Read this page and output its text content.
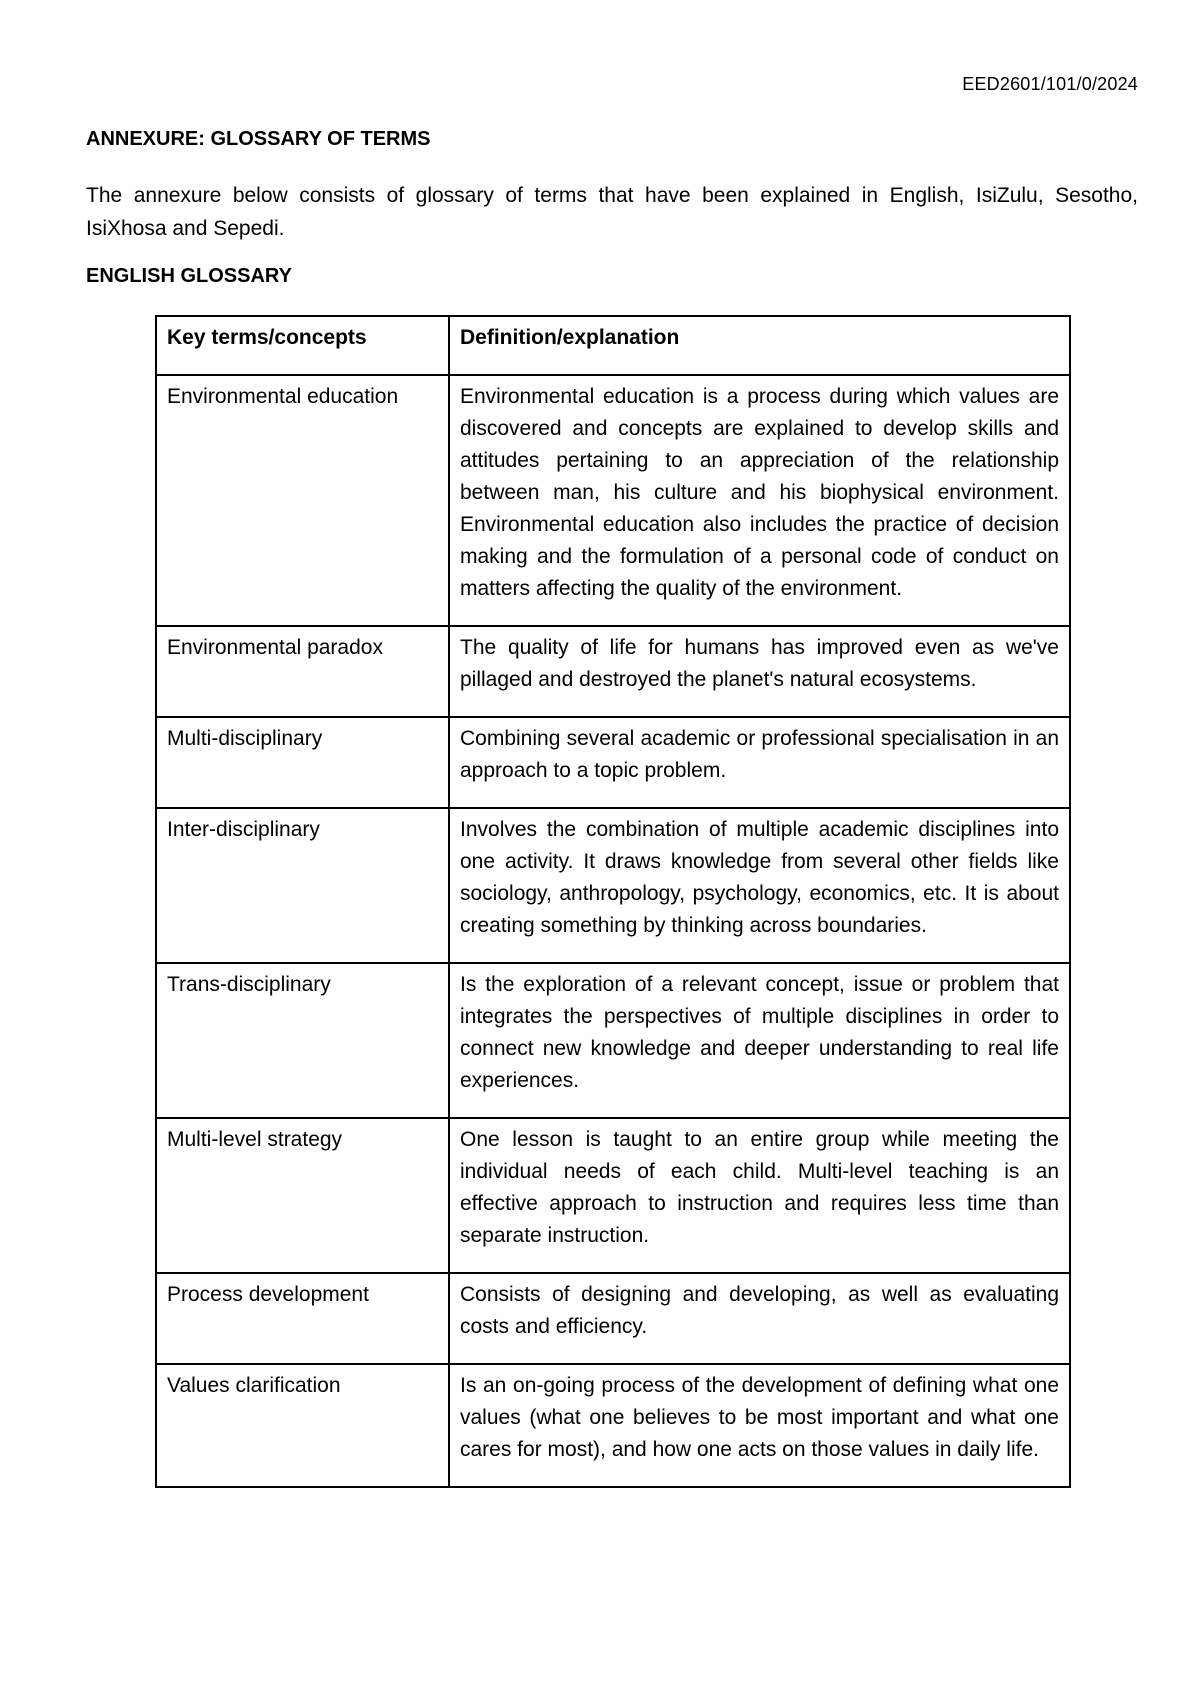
EED2601/101/0/2024
ANNEXURE: GLOSSARY OF TERMS

The annexure below consists of glossary of terms that have been explained in English, IsiZulu, Sesotho, IsiXhosa and Sepedi.

ENGLISH GLOSSARY
Key terms/concepts	Definition/explanation
Environmental education	Environmental education is a process during which values are discovered and concepts are explained to develop skills and attitudes pertaining to an appreciation of the relationship between man, his culture and his biophysical environment. Environmental education also includes the practice of decision making and the formulation of a personal code of conduct on matters affecting the quality of the environment.
Environmental paradox	The quality of life for humans has improved even as we've pillaged and destroyed the planet's natural ecosystems.
Multi-disciplinary	Combining several academic or professional specialisation in an approach to a topic problem.
Inter-disciplinary	Involves the combination of multiple academic disciplines into one activity. It draws knowledge from several other fields like sociology, anthropology, psychology, economics, etc. It is about creating something by thinking across boundaries.
Trans-disciplinary	Is the exploration of a relevant concept, issue or problem that integrates the perspectives of multiple disciplines in order to connect new knowledge and deeper understanding to real life experiences.
Multi-level strategy	One lesson is taught to an entire group while meeting the individual needs of each child. Multi-level teaching is an effective approach to instruction and requires less time than separate instruction.
Process development	Consists of designing and developing, as well as evaluating costs and efficiency.
Values clarification	Is an on-going process of the development of defining what one values (what one believes to be most important and what one cares for most), and how one acts on those values in daily life.
